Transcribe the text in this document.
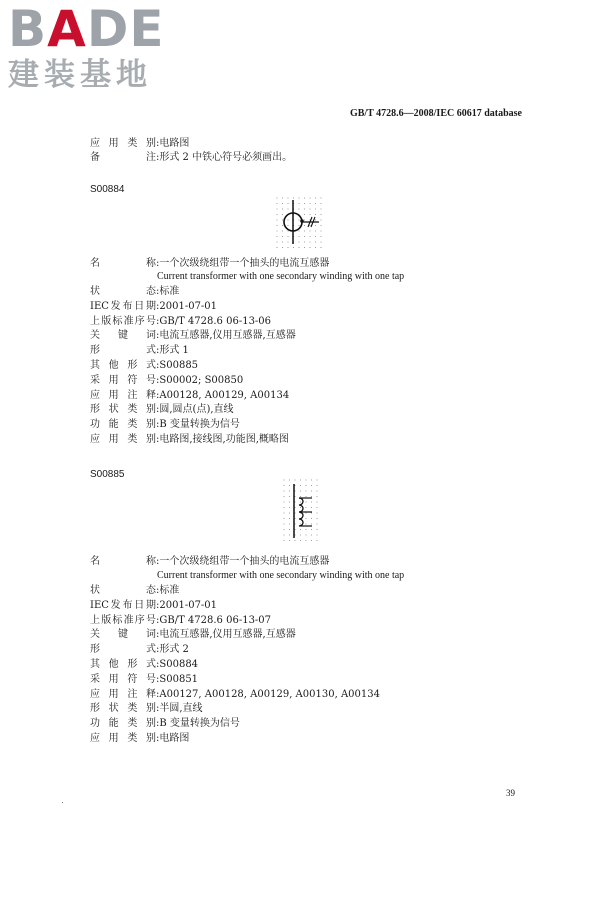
BADE
建装基地
GB/T 4728.6—2008/IEC 60617 database
应用类别:电路图
备注:形式 2 中铁心符号必须画出。
S00884
名称:一个次级绕组带一个抽头的电流互感器
Current transformer with one secondary winding with one tap
状态:标准
IEC发布日期:2001-07-01
上版标准序号:GB/T 4728.6 06-13-06
关键词:电流互感器,仪用互感器,互感器
形式:形式 1
其他形式:S00885
采用符号:S00002; S00850
应用注释:A00128, A00129, A00134
形状类别:圆,圆点(点),直线
功能类别:B 变量转换为信号
应用类别:电路图,接线图,功能图,概略图
S00885
名称:一个次级绕组带一个抽头的电流互感器
Current transformer with one secondary winding with one tap
状态:标准
IEC发布日期:2001-07-01
上版标准序号:GB/T 4728.6 06-13-07
关键词:电流互感器,仪用互感器,互感器
形式:形式 2
其他形式:S00884
采用符号:S00851
应用注释:A00127, A00128, A00129, A00130, A00134
形状类别:半圆,直线
功能类别:B 变量转换为信号
应用类别:电路图
39
